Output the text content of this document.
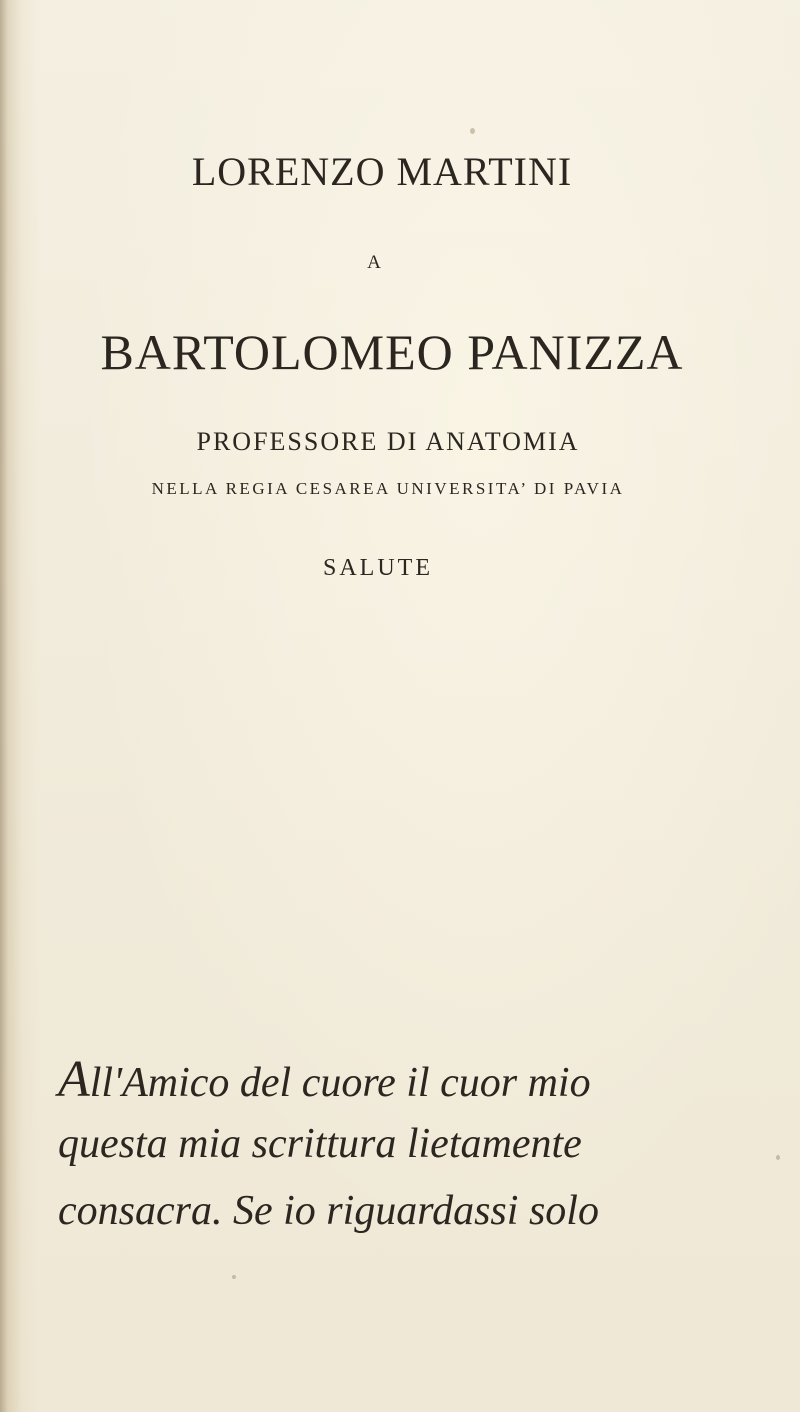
LORENZO MARTINI
A
BARTOLOMEO PANIZZA
PROFESSORE DI ANATOMIA
NELLA REGIA CESAREA UNIVERSITA’ DI PAVIA
SALUTE
All'Amico del cuore il cuor mio
questa mia scrittura lietamente
consacra. Se io riguardassi solo
